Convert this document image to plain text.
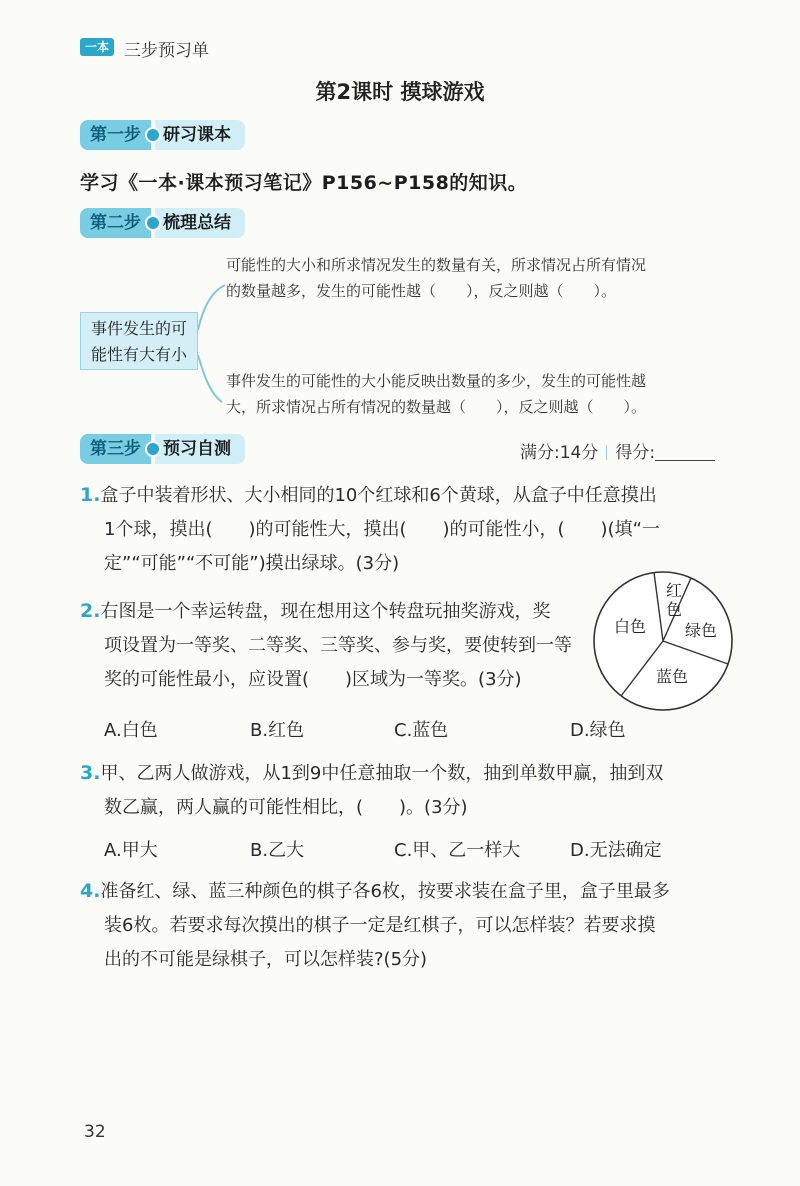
一本 三步预习单
第2课时 摸球游戏
第一步	研习课本
学习《一本·课本预习笔记》P156~P158的知识。
第二步	梳理总结
事件发生的可
能性有大有小
可能性的大小和所求情况发生的数量有关，所求情况占所有情况
的数量越多，发生的可能性越（　　），反之则越（　　）。
事件发生的可能性的大小能反映出数量的多少，发生的可能性越
大，所求情况占所有情况的数量越（　　），反之则越（　　）。
第三步	预习自测	满分:14分 得分:
1.盒子中装着形状、大小相同的10个红球和6个黄球，从盒子中任意摸出
1个球，摸出(　　)的可能性大，摸出(　　)的可能性小，(　　)(填“一
定”“可能”“不可能”)摸出绿球。(3分)
2.右图是一个幸运转盘，现在想用这个转盘玩抽奖游戏，奖
项设置为一等奖、二等奖、三等奖、参与奖，要使转到一等
奖的可能性最小，应设置(　　)区域为一等奖。(3分)
A.白色	B.红色	C.蓝色	D.绿色
白色
红
色
绿色
蓝色
3.甲、乙两人做游戏，从1到9中任意抽取一个数，抽到单数甲赢，抽到双
数乙赢，两人赢的可能性相比，(　　)。(3分)
A.甲大	B.乙大	C.甲、乙一样大	D.无法确定
4.准备红、绿、蓝三种颜色的棋子各6枚，按要求装在盒子里，盒子里最多
装6枚。若要求每次摸出的棋子一定是红棋子，可以怎样装？若要求摸
出的不可能是绿棋子，可以怎样装?(5分)
32
